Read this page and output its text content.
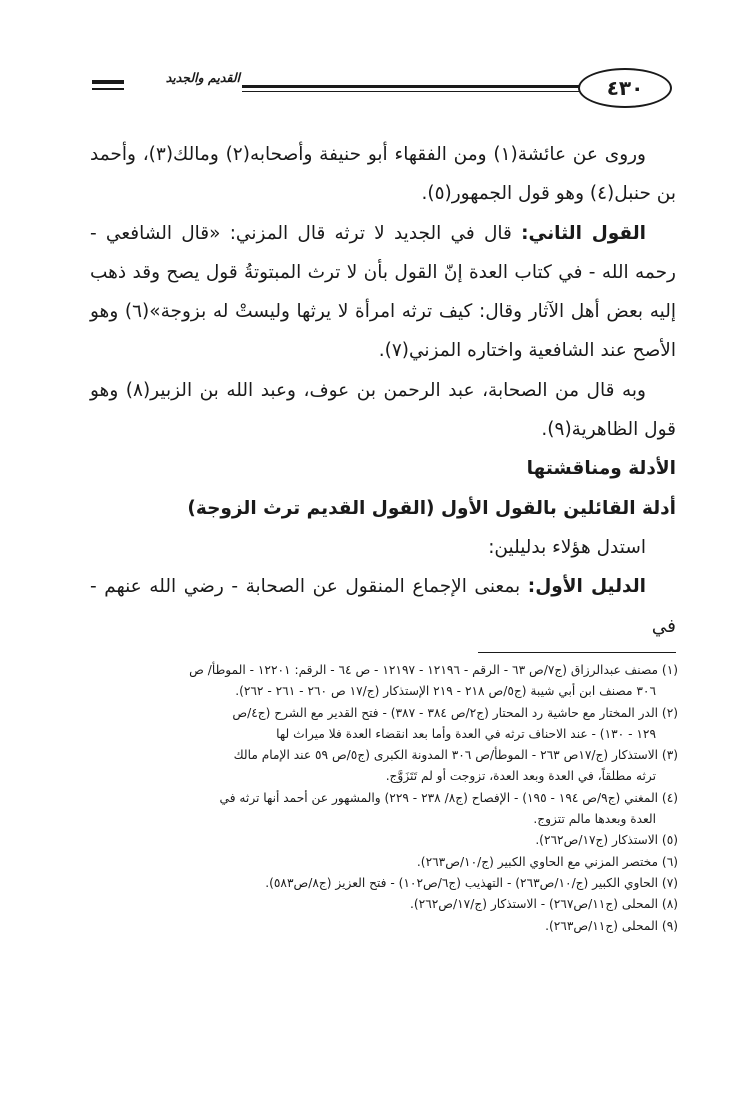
القديم والجديد	٤٣٠

وروى عن عائشة(١) ومن الفقهاء أبو حنيفة وأصحابه(٢) ومالك(٣)، وأحمد بن حنبل(٤) وهو قول الجمهور(٥).

القول الثاني: قال في الجديد لا ترثه قال المزني: «قال الشافعي - رحمه الله - في كتاب العدة إنّ القول بأن لا ترث المبتوتةُ قول يصح وقد ذهب إليه بعض أهل الآثار وقال: كيف ترثه امرأة لا يرثها وليستْ له بزوجة»(٦) وهو الأصح عند الشافعية واختاره المزني(٧).

وبه قال من الصحابة، عبد الرحمن بن عوف، وعبد الله بن الزبير(٨) وهو قول الظاهرية(٩).

الأدلة ومناقشتها

أدلة القائلين بالقول الأول (القول القديم ترث الزوجة)

استدل هؤلاء بدليلين:

الدليل الأول: بمعنى الإجماع المنقول عن الصحابة - رضي الله عنهم - في

(١) مصنف عبدالرزاق (ج٧/ص ٦٣ - الرقم - ١٢١٩٦ - ١٢١٩٧ - ص ٦٤ - الرقم: ١٢٢٠١ - الموطأ/ ص
٣٠٦ مصنف ابن أبي شيبة (ج٥/ص ٢١٨ - ٢١٩ الإستذكار (ج/١٧ ص ٢٦٠ - ٢٦١ - ٢٦٢).

(٢) الدر المختار مع حاشية رد المحتار (ج٢/ص ٣٨٤ - ٣٨٧) - فتح القدير مع الشرح (ج٤/ص
١٢٩ - ١٣٠) - عند الاحناف ترثه في العدة وأما بعد انقضاء العدة فلا ميراث لها

(٣) الاستذكار (ج/١٧ص ٢٦٣ - الموطأ/ص ٣٠٦ المدونة الكبرى (ج٥/ص ٥٩ عند الإمام مالك
ترثه مطلقاً، في العدة وبعد العدة، تزوجت أو لم تَتَزَوَّج.

(٤) المغني (ج٩/ص ١٩٤ - ١٩٥) - الإفصاح (ج٨/ ٢٣٨ - ٢٢٩) والمشهور عن أحمد أنها ترثه في
العدة وبعدها مالم تتزوج.

(٥) الاستذكار (ج١٧/ص٢٦٢).

(٦) مختصر المزني مع الحاوي الكبير (ج/١٠/ص٢٦٣).

(٧) الحاوي الكبير (ج/١٠/ص٢٦٣) - التهذيب (ج٦/ص١٠٢) - فتح العزيز (ج٨/ص٥٨٣).

(٨) المحلى (ج١١/ص٢٦٧) - الاستذكار (ج/١٧/ص٢٦٢).

(٩) المحلى (ج١١/ص٢٦٣).
